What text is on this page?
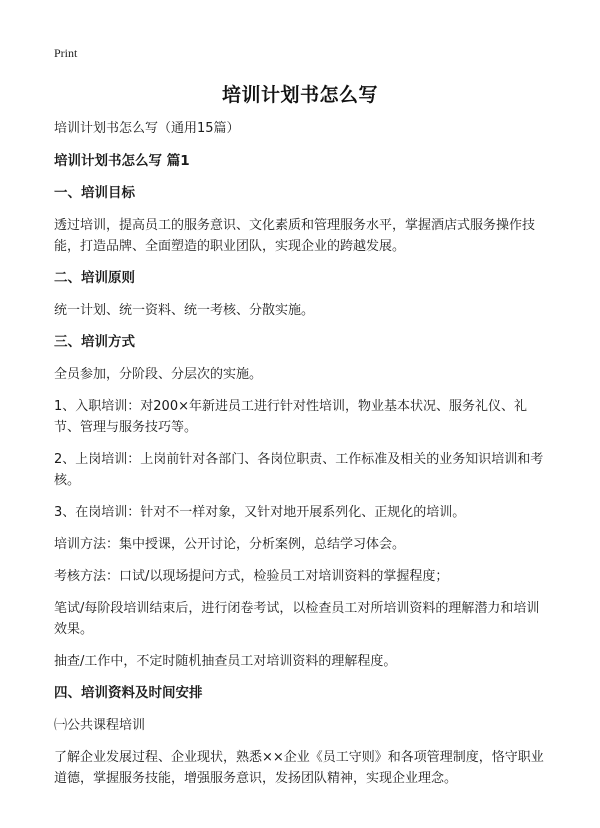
Print
培训计划书怎么写
培训计划书怎么写（通用15篇）
培训计划书怎么写 篇1
一、培训目标
透过培训，提高员工的服务意识、文化素质和管理服务水平，掌握酒店式服务操作技能，打造品牌、全面塑造的职业团队，实现企业的跨越发展。
二、培训原则
统一计划、统一资料、统一考核、分散实施。
三、培训方式
全员参加，分阶段、分层次的实施。
1、入职培训：对200×年新进员工进行针对性培训，物业基本状况、服务礼仪、礼节、管理与服务技巧等。
2、上岗培训：上岗前针对各部门、各岗位职责、工作标准及相关的业务知识培训和考核。
3、在岗培训：针对不一样对象，又针对地开展系列化、正规化的培训。
培训方法：集中授课，公开讨论，分析案例，总结学习体会。
考核方法：口试/以现场提问方式，检验员工对培训资料的掌握程度；
笔试/每阶段培训结束后，进行闭卷考试，以检查员工对所培训资料的理解潜力和培训效果。
抽查/工作中，不定时随机抽查员工对培训资料的理解程度。
四、培训资料及时间安排
㈠公共课程培训
了解企业发展过程、企业现状，熟悉××企业《员工守则》和各项管理制度，恪守职业道德，掌握服务技能，增强服务意识，发扬团队精神，实现企业理念。
